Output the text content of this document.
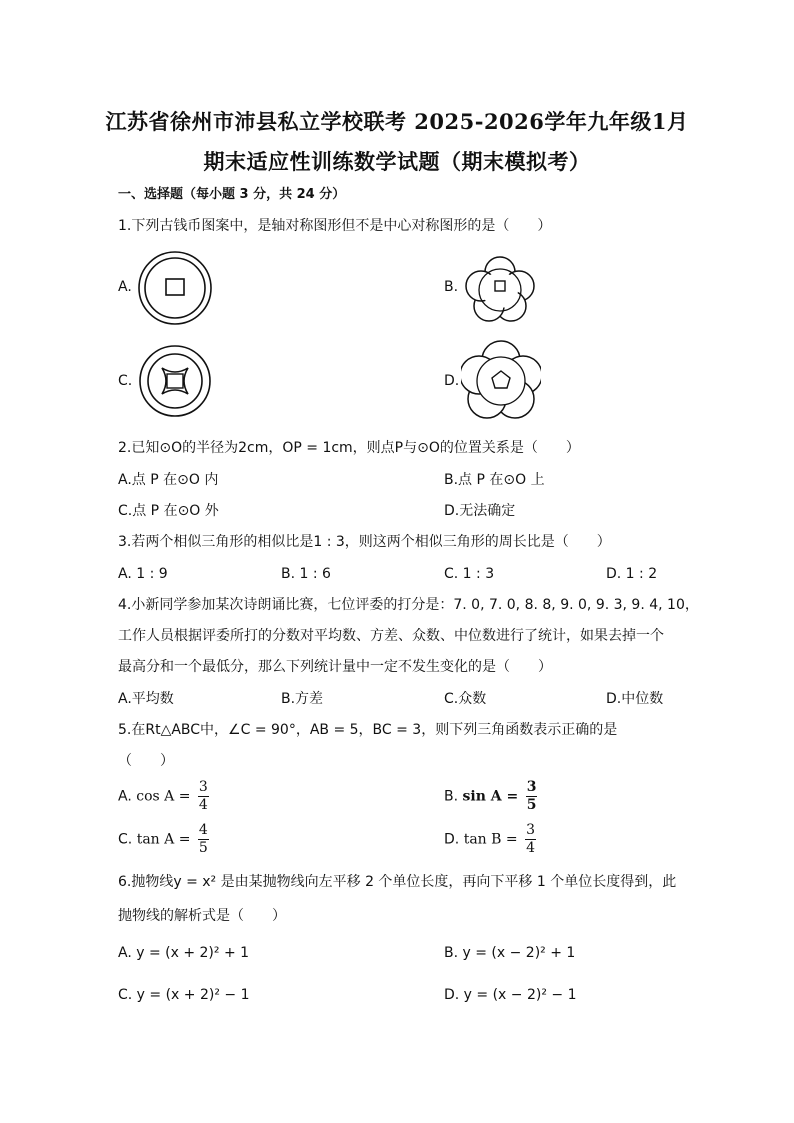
江苏省徐州市沛县私立学校联考 2025-2026学年九年级1月
期末适应性训练数学试题（期末模拟考）
一、选择题（每小题 3 分，共 24 分）
1.下列古钱币图案中，是轴对称图形但不是中心对称图形的是（　　）
A.	B.
C.	D.
2.已知⊙O的半径为2cm，OP = 1cm，则点P与⊙O的位置关系是（　　）
A.点 P 在⊙O 内	B.点 P 在⊙O 上
C.点 P 在⊙O 外	D.无法确定
3.若两个相似三角形的相似比是1 : 3，则这两个相似三角形的周长比是（　　）
A. 1 : 9	B. 1 : 6	C. 1 : 3	D. 1 : 2
4.小新同学参加某次诗朗诵比赛，七位评委的打分是：7. 0, 7. 0, 8. 8, 9. 0, 9. 3, 9. 4, 10，
工作人员根据评委所打的分数对平均数、方差、众数、中位数进行了统计，如果去掉一个
最高分和一个最低分，那么下列统计量中一定不发生变化的是（　　）
A.平均数	B.方差	C.众数	D.中位数
5.在Rt△ABC中，∠C = 90°，AB = 5，BC = 3，则下列三角函数表示正确的是
（　　）
A. $\cos A = \frac{3}{4}$	B. $\sin A = \frac{3}{5}$
C. $\tan A = \frac{4}{5}$	D. $\tan B = \frac{3}{4}$
6.抛物线y = x² 是由某抛物线向左平移 2 个单位长度，再向下平移 1 个单位长度得到，此
抛物线的解析式是（　　）
A. y = (x + 2)² + 1	B. y = (x − 2)² + 1
C. y = (x + 2)² − 1	D. y = (x − 2)² − 1
